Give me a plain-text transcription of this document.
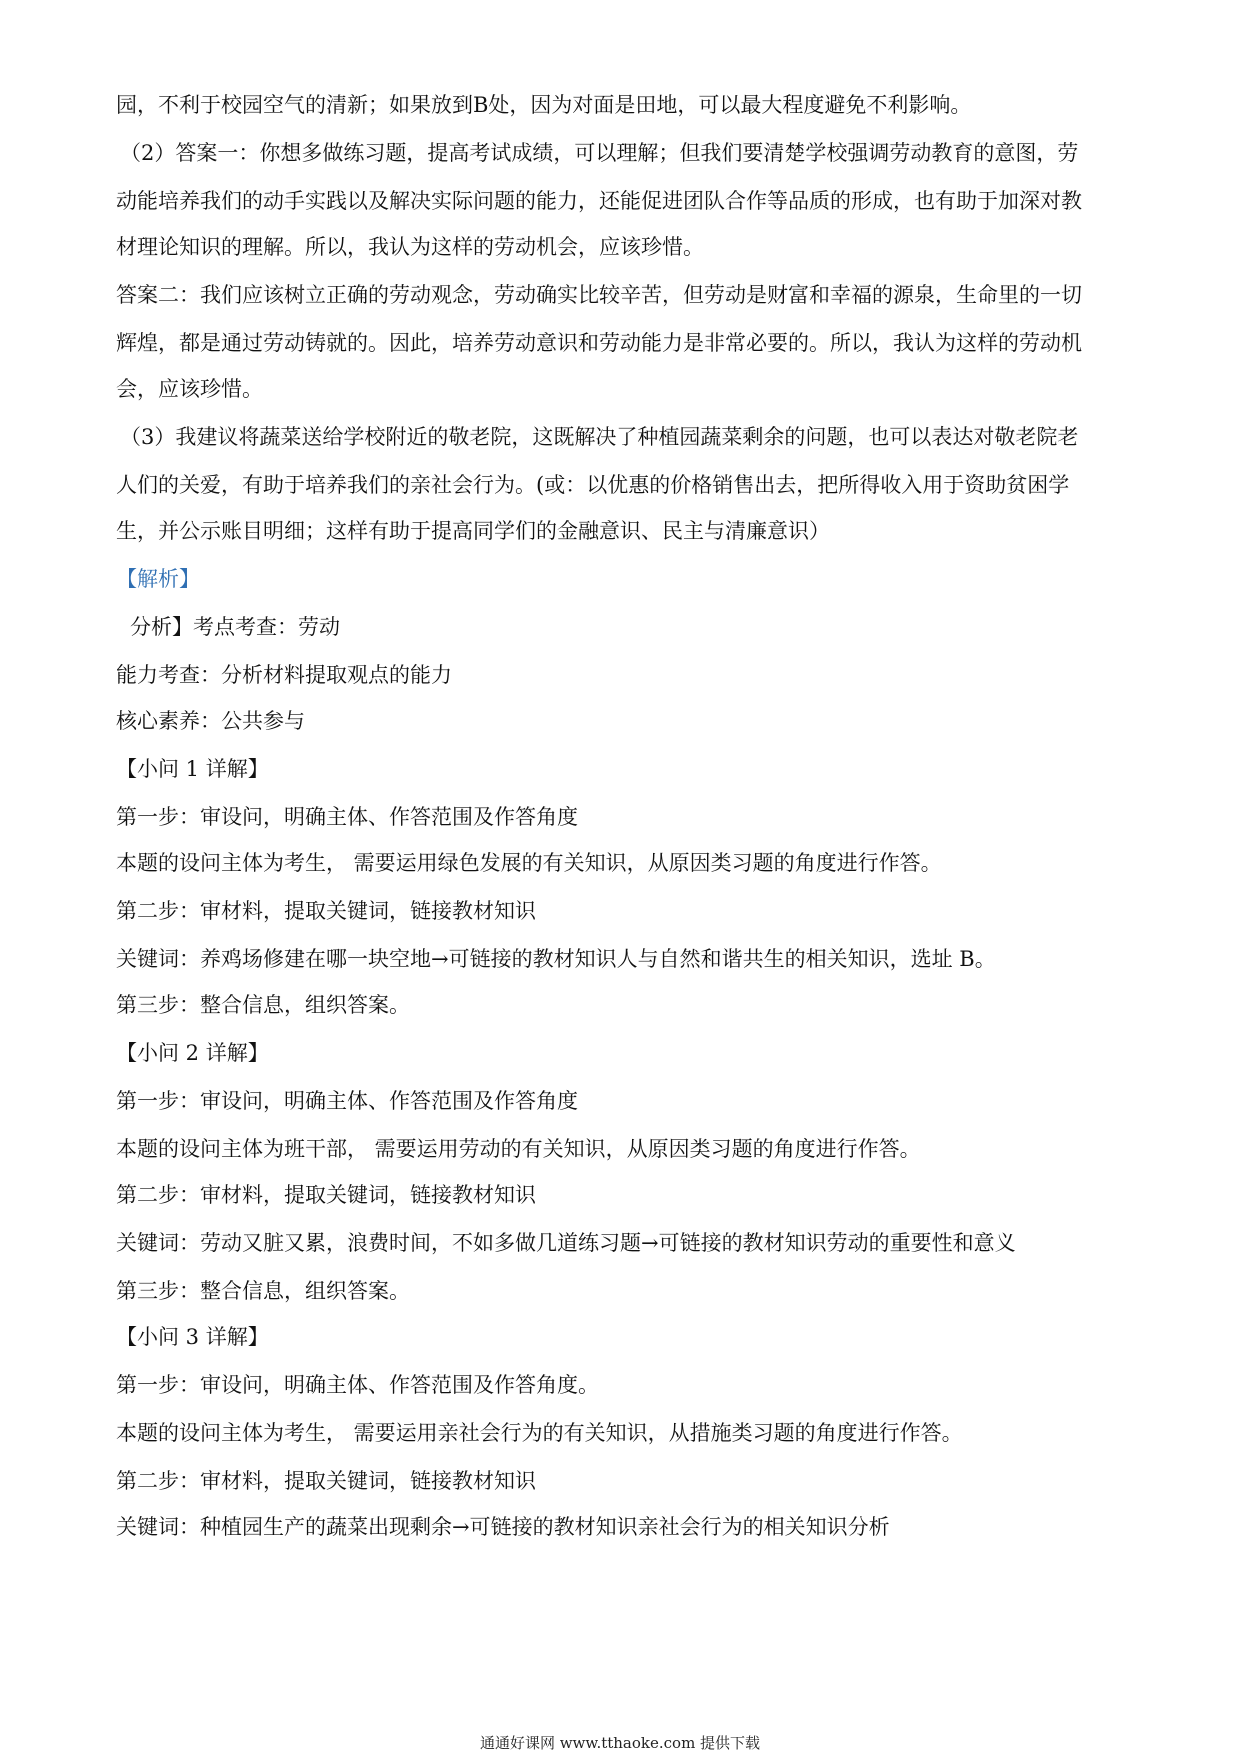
园，不利于校园空气的清新；如果放到B处，因为对面是田地，可以最大程度避免不利影响。
（2）答案一：你想多做练习题，提高考试成绩，可以理解；但我们要清楚学校强调劳动教育的意图，劳
动能培养我们的动手实践以及解决实际问题的能力，还能促进团队合作等品质的形成，也有助于加深对教
材理论知识的理解。所以，我认为这样的劳动机会，应该珍惜。
答案二：我们应该树立正确的劳动观念，劳动确实比较辛苦，但劳动是财富和幸福的源泉，生命里的一切
辉煌，都是通过劳动铸就的。因此，培养劳动意识和劳动能力是非常必要的。所以，我认为这样的劳动机
会，应该珍惜。
（3）我建议将蔬菜送给学校附近的敬老院，这既解决了种植园蔬菜剩余的问题，也可以表达对敬老院老
人们的关爱，有助于培养我们的亲社会行为。(或：以优惠的价格销售出去，把所得收入用于资助贫困学
生，并公示账目明细；这样有助于提高同学们的金融意识、民主与清廉意识）
【解析】
分析】考点考查：劳动
能力考查：分析材料提取观点的能力
核心素养：公共参与
【小问 1 详解】
第一步：审设问，明确主体、作答范围及作答角度
本题的设问主体为考生， 需要运用绿色发展的有关知识，从原因类习题的角度进行作答。
第二步：审材料，提取关键词，链接教材知识
关键词：养鸡场修建在哪一块空地→可链接的教材知识人与自然和谐共生的相关知识，选址 B。
第三步：整合信息，组织答案。
【小问 2 详解】
第一步：审设问，明确主体、作答范围及作答角度
本题的设问主体为班干部， 需要运用劳动的有关知识，从原因类习题的角度进行作答。
第二步：审材料，提取关键词，链接教材知识
关键词：劳动又脏又累，浪费时间，不如多做几道练习题→可链接的教材知识劳动的重要性和意义
第三步：整合信息，组织答案。
【小问 3 详解】
第一步：审设问，明确主体、作答范围及作答角度。
本题的设问主体为考生， 需要运用亲社会行为的有关知识，从措施类习题的角度进行作答。
第二步：审材料，提取关键词，链接教材知识
关键词：种植园生产的蔬菜出现剩余→可链接的教材知识亲社会行为的相关知识分析
通通好课网 www.tthaoke.com 提供下载
